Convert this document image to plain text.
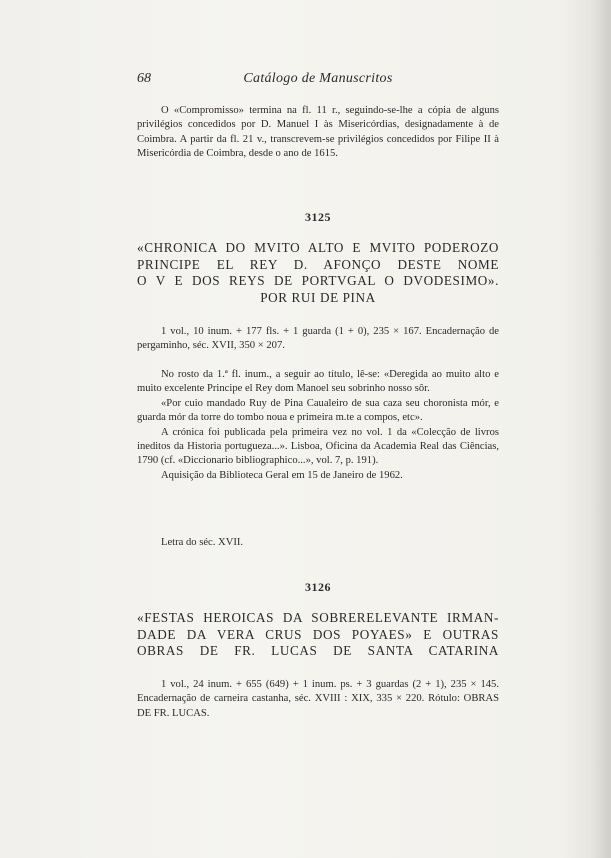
68	Catálogo de Manuscritos

O «Compromisso» termina na fl. 11 r., seguindo-se-lhe a cópia de alguns privilégios concedidos por D. Manuel I às Misericórdias, designadamente à de Coimbra. A partir da fl. 21 v., transcrevem-se privilégios concedidos por Filipe II à Misericórdia de Coimbra, desde o ano de 1615.

3125
«CHRONICA DO MVITO ALTO E MVITO PODEROZO
PRINCIPE EL REY D. AFONÇO DESTE NOME
O V E DOS REYS DE PORTVGAL O DVODESIMO».
POR RUI DE PINA

1 vol., 10 inum. + 177 fls. + 1 guarda (1 + 0), 235 × 167. Encadernação de pergaminho, séc. XVII, 350 × 207.

No rosto da 1.ª fl. inum., a seguir ao título, lê-se: «Deregida ao muito alto e muito excelente Principe el Rey dom Manoel seu sobrinho nosso sôr.

«Por cuio mandado Ruy de Pina Caualeiro de sua caza seu choronista mór, e guarda mór da torre do tombo noua e primeira m.te a compos, etc».

A crónica foi publicada pela primeira vez no vol. 1 da «Colecção de livros ineditos da Historia portugueza...». Lisboa, Oficina da Academia Real das Ciências, 1790 (cf. «Diccionario bibliographico...», vol. 7, p. 191).

Aquisição da Biblioteca Geral em 15 de Janeiro de 1962.

Letra do séc. XVII.

3126
«FESTAS HEROICAS DA SOBRERELEVANTE IRMAN-
DADE DA VERA CRUS DOS POYAES» E OUTRAS
OBRAS DE FR. LUCAS DE SANTA CATARINA

1 vol., 24 inum. + 655 (649) + 1 inum. ps. + 3 guardas (2 + 1), 235 × 145. Encadernação de carneira castanha, séc. XVIII : XIX, 335 × 220. Rótulo: OBRAS DE FR. LUCAS.
